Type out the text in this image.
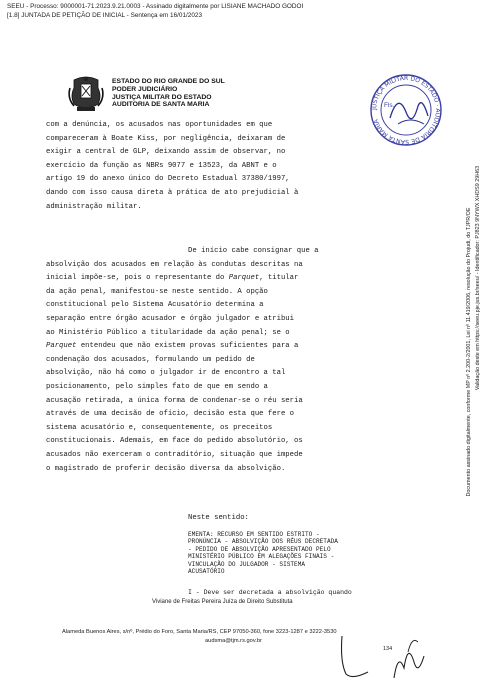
SEEU - Processo: 9000001-71.2023.9.21.0003 - Assinado digitalmente por LISIANE MACHADO GODOI
[1.8] JUNTADA DE PETIÇÃO DE INICIAL - Sentença em 16/01/2023
ESTADO DO RIO GRANDE DO SUL
PODER JUDICIÁRIO
JUSTIÇA MILITAR DO ESTADO
AUDITORIA DE SANTA MARIA
JUSTIÇA MILITAR DO ESTADO · AUDITORIA DE SANTA MARIA
Fls.
com a denúncia, os acusados nas oportunidades em que
compareceram à Boate Kiss, por negligência, deixaram de
exigir a central de GLP, deixando assim de observar, no
exercício da função as NBRs 9077 e 13523, da ABNT e o
artigo 19 do anexo único do Decreto Estadual 37380/1997,
dando com isso causa direta à prática de ato prejudicial à
administração militar.
De início cabe consignar que a
absolvição dos acusados em relação às condutas descritas na
inicial impõe-se, pois o representante do Parquet, titular
da ação penal, manifestou-se neste sentido. A opção
constitucional pelo Sistema Acusatório determina a
separação entre órgão acusador e órgão julgador e atribui
ao Ministério Público a titularidade da ação penal; se o
Parquet entendeu que não existem provas suficientes para a
condenação dos acusados, formulando um pedido de
absolvição, não há como o julgador ir de encontro a tal
posicionamento, pelo simples fato de que em sendo a
acusação retirada, a única forma de condenar-se o réu seria
através de uma decisão de ofício, decisão esta que fere o
sistema acusatório e, consequentemente, os preceitos
constitucionais. Ademais, em face do pedido absolutório, os
acusados não exerceram o contraditório, situação que impede
o magistrado de proferir decisão diversa da absolvição.
Neste sentido:
EMENTA: RECURSO EM SENTIDO ESTRITO -
PRONÚNCIA - ABSOLVIÇÃO DOS RÉUS DECRETADA
- PEDIDO DE ABSOLVIÇÃO APRESENTADO PELO
MINISTÉRIO PÚBLICO EM ALEGAÇÕES FINAIS -
VINCULAÇÃO DO JULGADOR - SISTEMA
ACUSATÓRIO
I - Deve ser decretada a absolvição quando
Viviane de Freitas Pereira Juíza de Direito Substituta
Alameda Buenos Aires, s/nº, Prédio do Foro, Santa Maria/RS, CEP 97050-360, fone 3223-1287 e 3222-3530
audsma@tjm.rs.gov.br
134
Documento assinado digitalmente, conforme MP nº 2.200-2/2001, Lei nº 11.419/2006, resolução do Projudi, do TJPR/OE Validação deste em https://seeu.pje.jus.br/seeu/ - Identificador: PJ823 9NYWX XHDS9 29H63
